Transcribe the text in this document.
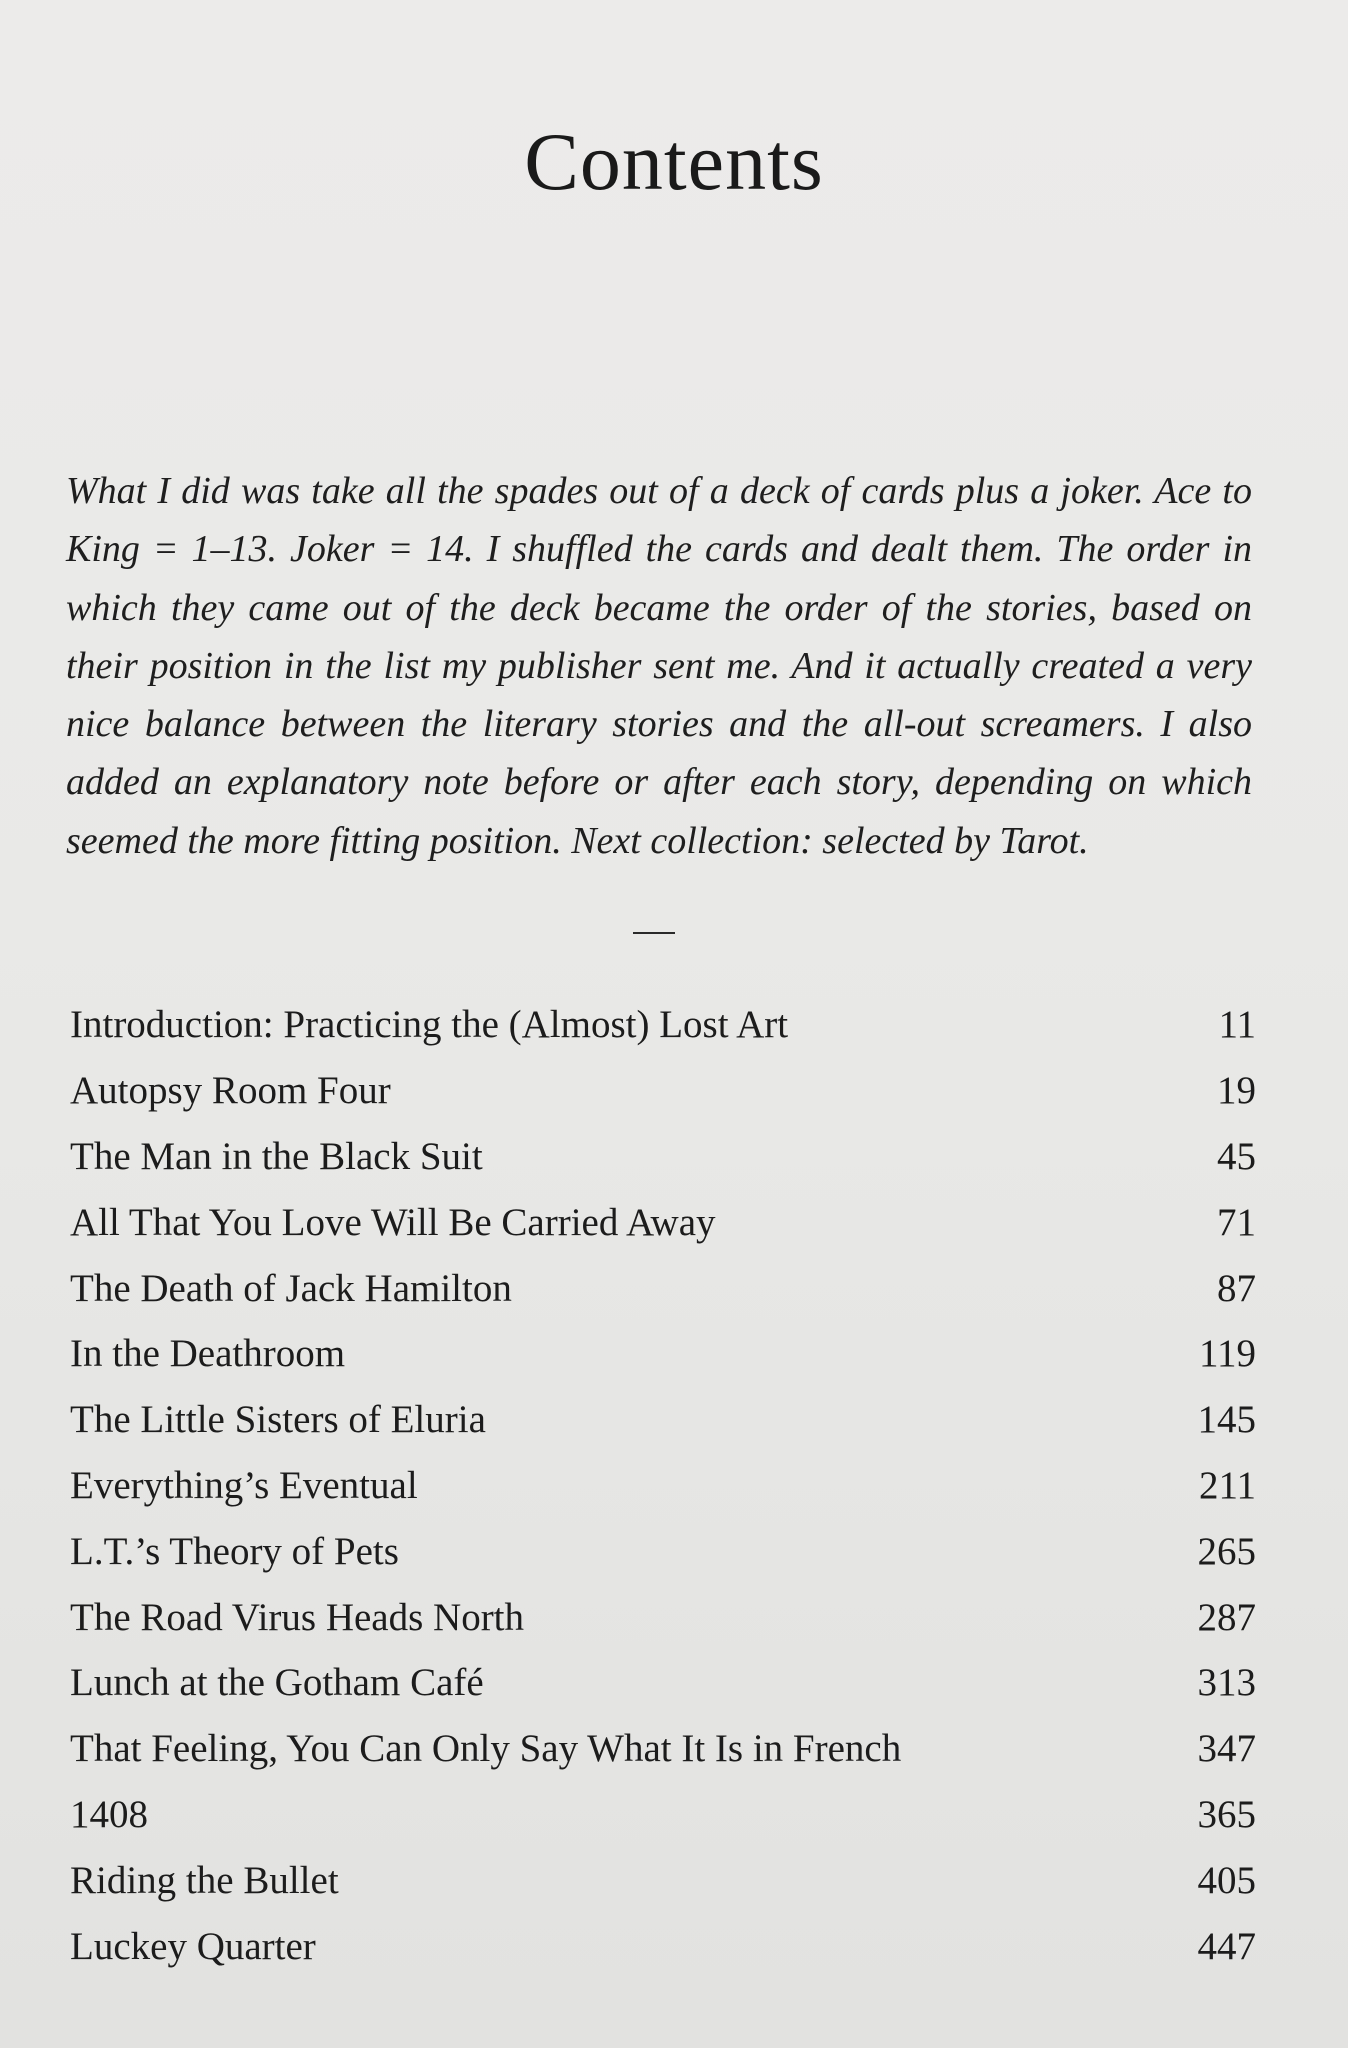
Contents

What I did was take all the spades out of a deck of cards plus a joker. Ace to King = 1–13. Joker = 14. I shuffled the cards and dealt them. The order in which they came out of the deck became the order of the stories, based on their position in the list my publisher sent me. And it actually created a very nice balance between the literary stories and the all-out screamers. I also added an explanatory note before or after each story, depending on which seemed the more fitting position. Next collection: selected by Tarot.

Introduction: Practicing the (Almost) Lost Art	11
Autopsy Room Four	19
The Man in the Black Suit	45
All That You Love Will Be Carried Away	71
The Death of Jack Hamilton	87
In the Deathroom	119
The Little Sisters of Eluria	145
Everything’s Eventual	211
L.T.’s Theory of Pets	265
The Road Virus Heads North	287
Lunch at the Gotham Café	313
That Feeling, You Can Only Say What It Is in French	347
1408	365
Riding the Bullet	405
Luckey Quarter	447
